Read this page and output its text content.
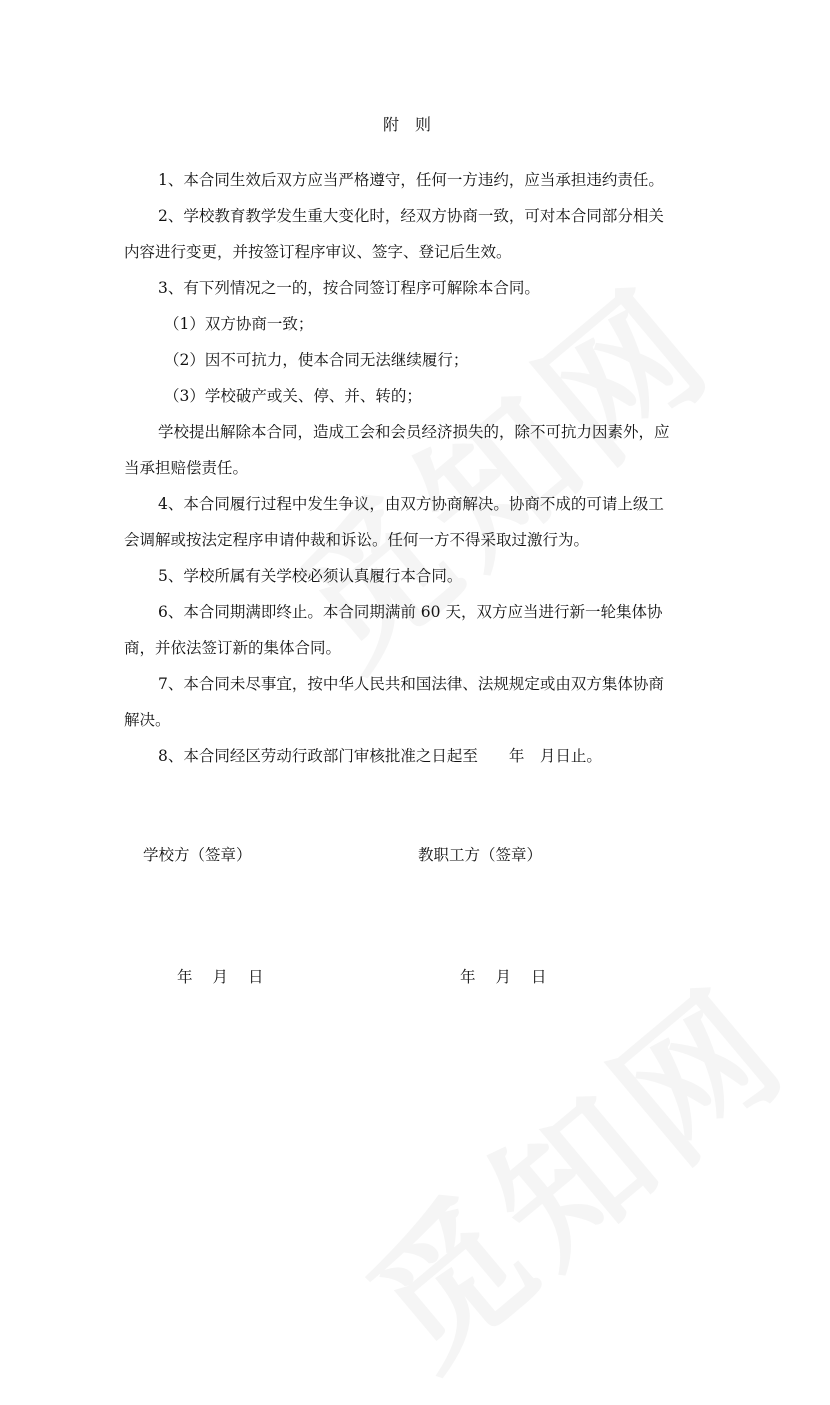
附则
1、本合同生效后双方应当严格遵守，任何一方违约，应当承担违约责任。
2、学校教育教学发生重大变化时，经双方协商一致，可对本合同部分相关
内容进行变更，并按签订程序审议、签字、登记后生效。
3、有下列情况之一的，按合同签订程序可解除本合同。
（1）双方协商一致；
（2）因不可抗力，使本合同无法继续履行；
（3）学校破产或关、停、并、转的；
学校提出解除本合同，造成工会和会员经济损失的，除不可抗力因素外，应
当承担赔偿责任。
4、本合同履行过程中发生争议，由双方协商解决。协商不成的可请上级工
会调解或按法定程序申请仲裁和诉讼。任何一方不得采取过激行为。
5、学校所属有关学校必须认真履行本合同。
6、本合同期满即终止。本合同期满前 60 天，双方应当进行新一轮集体协
商，并依法签订新的集体合同。
7、本合同未尽事宜，按中华人民共和国法律、法规规定或由双方集体协商
解决。
8、本合同经区劳动行政部门审核批准之日起至　　年　月日止。
学校方（签章）	教职工方（签章）
年 月 日	年 月 日
